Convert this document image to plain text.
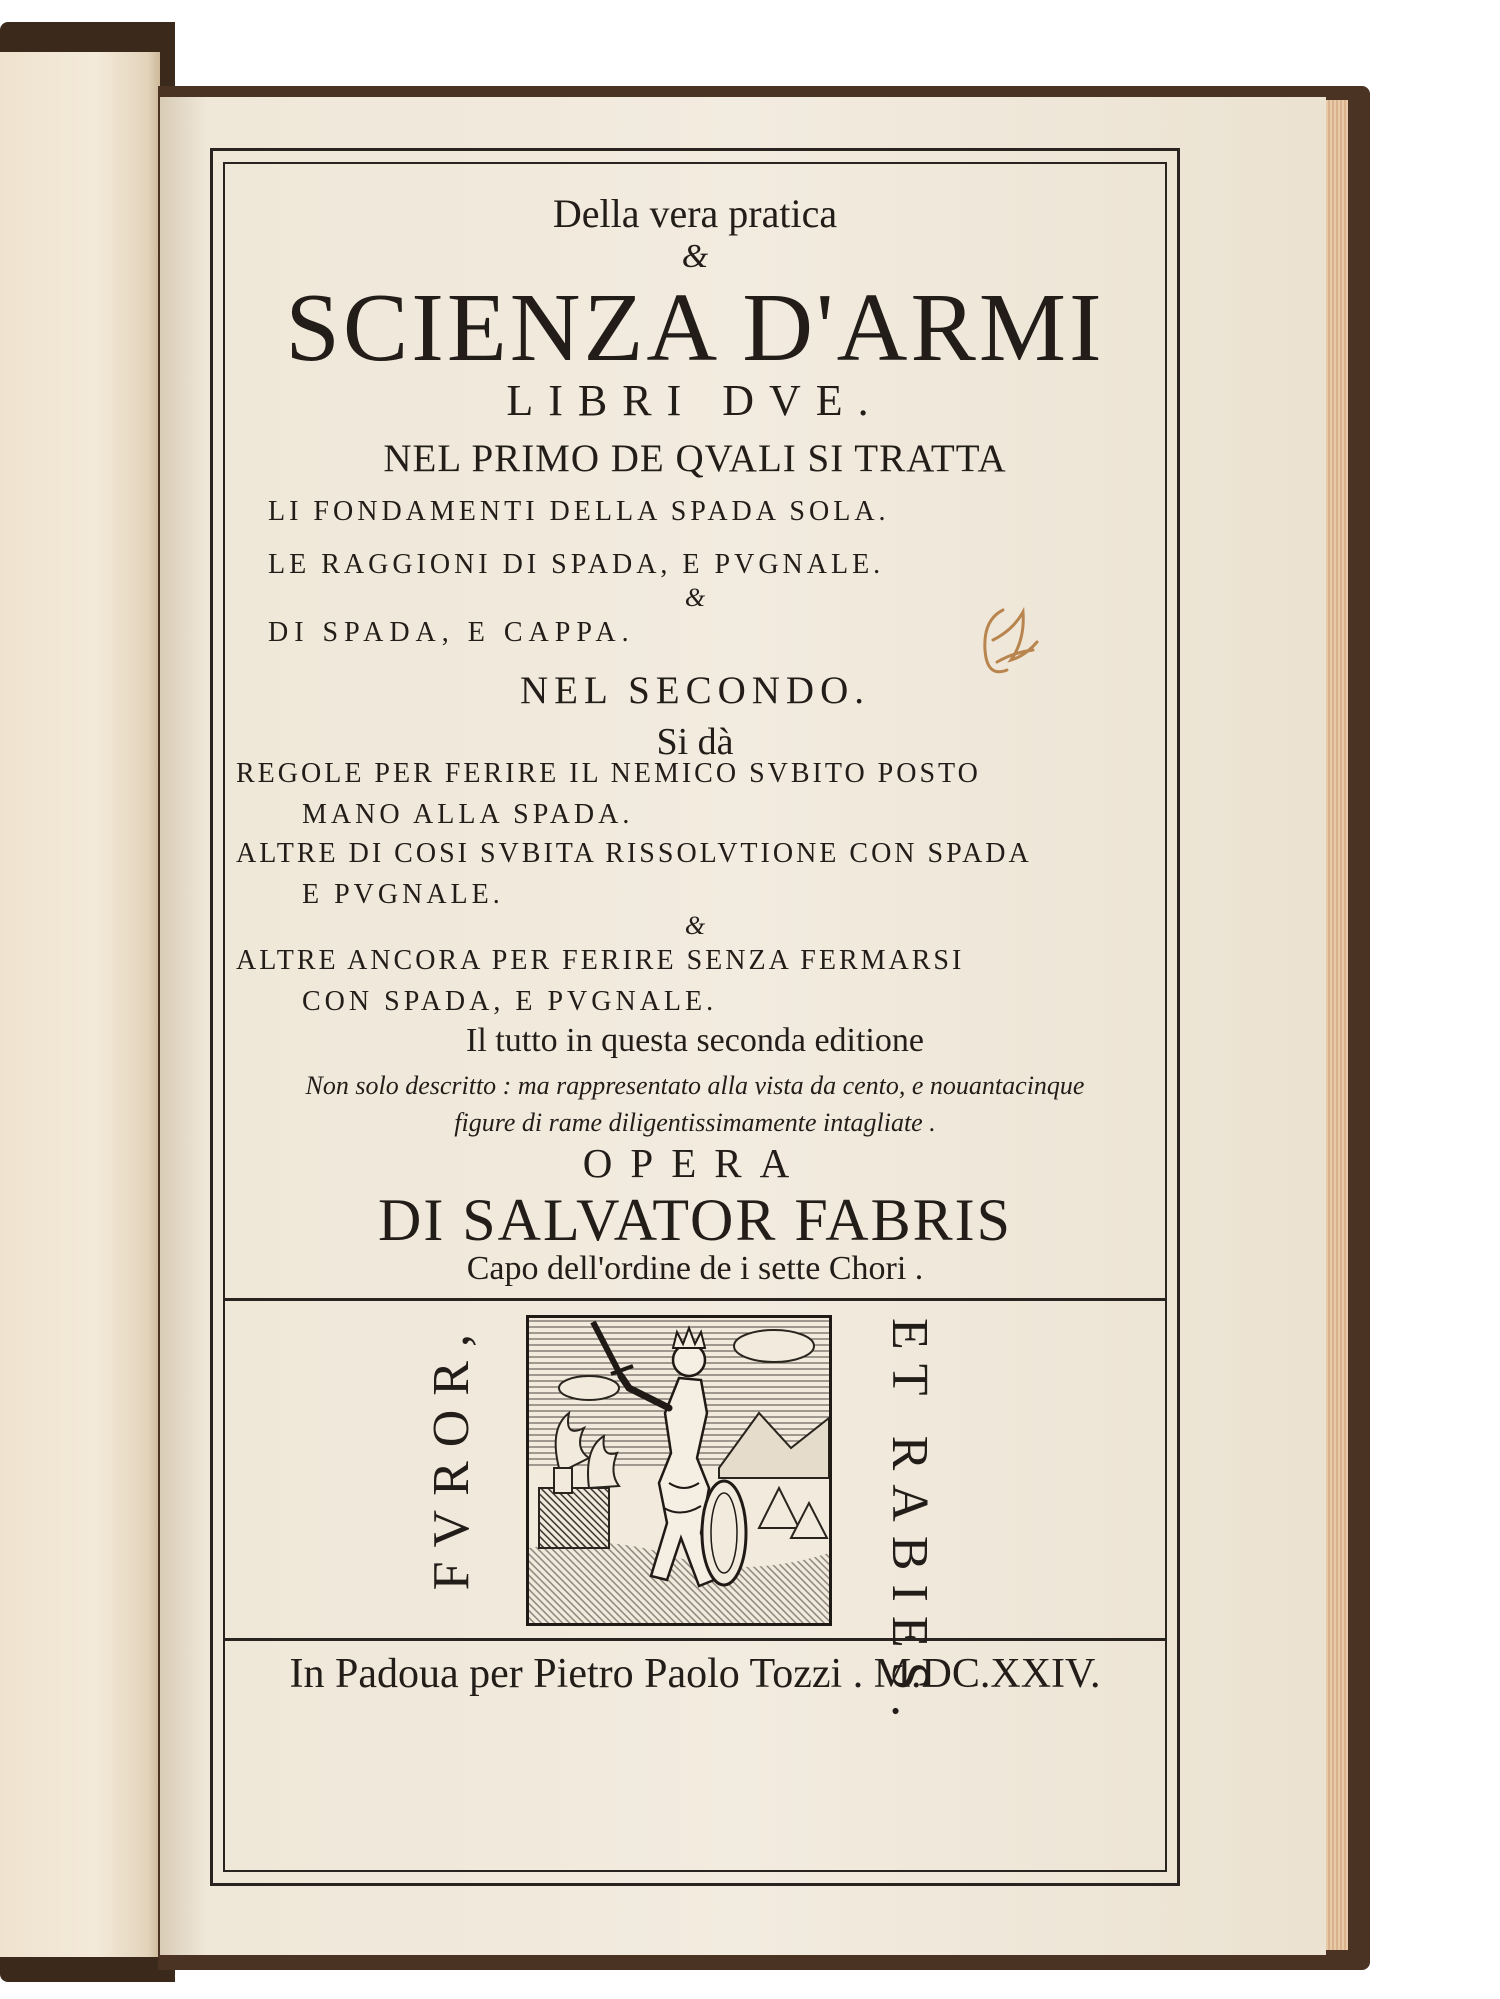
Della vera pratica

&

SCIENZA D'ARMI

LIBRI DVE.

NEL PRIMO DE QVALI SI TRATTA

LI FONDAMENTI DELLA SPADA SOLA.

LE RAGGIONI DI SPADA, E PVGNALE.

&

DI SPADA, E CAPPA.

NEL SECONDO.

Si dà

REGOLE PER FERIRE IL NEMICO SVBITO POSTO

MANO ALLA SPADA.

ALTRE DI COSI SVBITA RISSOLVTIONE CON SPADA

E PVGNALE.

&

ALTRE ANCORA PER FERIRE SENZA FERMARSI

CON SPADA, E PVGNALE.

Il tutto in questa seconda editione

Non solo descritto : ma rappresentato alla vista da cento, e nouantacinque

figure di rame diligentissimamente intagliate .

OPERA

DI SALVATOR FABRIS

Capo dell'ordine de i sette Chori .

FVROR,	ET RABIES.

In Padoua per Pietro Paolo Tozzi . M.DC.XXIV.
